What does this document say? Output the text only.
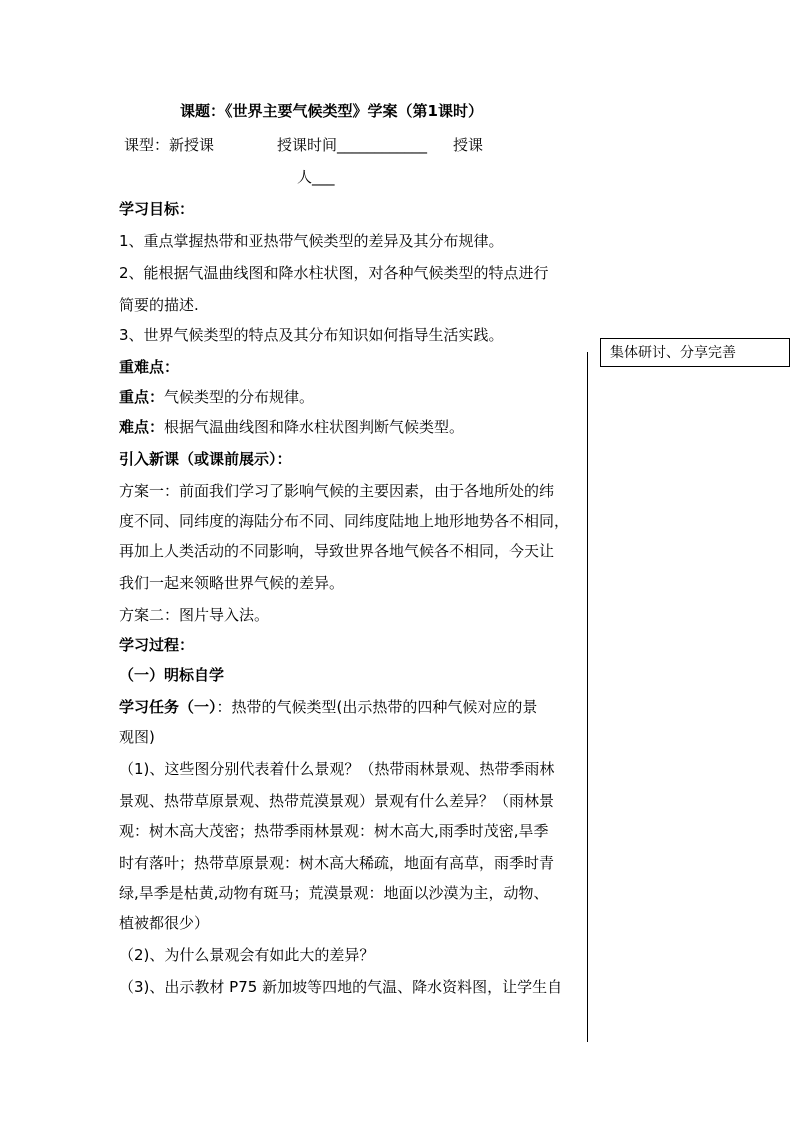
课题：《世界主要气候类型》学案（第1课时）
课型：新授课	授课时间____________ 授课
人___
集体研讨、分享完善
学习目标：
1、重点掌握热带和亚热带气候类型的差异及其分布规律。
2、能根据气温曲线图和降水柱状图，对各种气候类型的特点进行
简要的描述.
3、世界气候类型的特点及其分布知识如何指导生活实践。
重难点：
重点：气候类型的分布规律。
难点：根据气温曲线图和降水柱状图判断气候类型。
引入新课（或课前展示）：
方案一：前面我们学习了影响气候的主要因素，由于各地所处的纬
度不同、同纬度的海陆分布不同、同纬度陆地上地形地势各不相同，
再加上人类活动的不同影响，导致世界各地气候各不相同，今天让
我们一起来领略世界气候的差异。
方案二：图片导入法。
学习过程：
（一）明标自学
学习任务（一）：热带的气候类型(出示热带的四种气候对应的景
观图)
（1)、这些图分别代表着什么景观？（热带雨林景观、热带季雨林
景观、热带草原景观、热带荒漠景观）景观有什么差异？（雨林景
观：树木高大茂密；热带季雨林景观：树木高大,雨季时茂密,旱季
时有落叶；热带草原景观：树木高大稀疏，地面有高草，雨季时青
绿,旱季是枯黄,动物有斑马；荒漠景观：地面以沙漠为主，动物、
植被都很少）
（2)、为什么景观会有如此大的差异？
（3)、出示教材 P75 新加坡等四地的气温、降水资料图，让学生自
